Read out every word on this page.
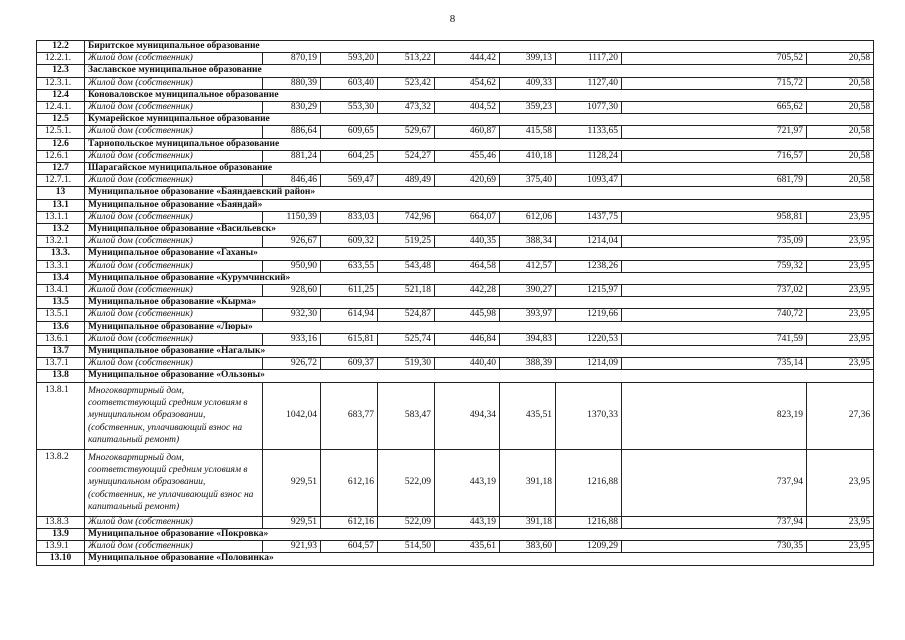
8
12.2	Биритское муниципальное образование								
12.2.1.	Жилой дом (собственник)	870,19	593,20	513,22	444,42	399,13	1117,20	705,52	20,58
12.3	Заславское муниципальное образование								
12.3.1.	Жилой дом (собственник)	880,39	603,40	523,42	454,62	409,33	1127,40	715,72	20,58
12.4	Коноваловское муниципальное образование								
12.4.1.	Жилой дом (собственник)	830,29	553,30	473,32	404,52	359,23	1077,30	665,62	20,58
12.5	Кумарейское муниципальное образование								
12.5.1.	Жилой дом (собственник)	886,64	609,65	529,67	460,87	415,58	1133,65	721,97	20,58
12.6	Тарнопольское муниципальное образование								
12.6.1	Жилой дом (собственник)	881,24	604,25	524,27	455,46	410,18	1128,24	716,57	20,58
12.7	Шарагайское муниципальное образование								
12.7.1.	Жилой дом (собственник)	846,46	569,47	489,49	420,69	375,40	1093,47	681,79	20,58
13	Муниципальное образование «Баяндаевский район»								
13.1	Муниципальное образование «Баяндай»								
13.1.1	Жилой дом (собственник)	1150,39	833,03	742,96	664,07	612,06	1437,75	958,81	23,95
13.2	Муниципальное образование «Васильевск»								
13.2.1	Жилой дом (собственник)	926,67	609,32	519,25	440,35	388,34	1214,04	735,09	23,95
13.3.	Муниципальное образование «Гаханы»								
13.3.1	Жилой дом (собственник)	950,90	633,55	543,48	464,58	412,57	1238,26	759,32	23,95
13.4	Муниципальное образование «Курумчинский»								
13.4.1	Жилой дом (собственник)	928,60	611,25	521,18	442,28	390,27	1215,97	737,02	23,95
13.5	Муниципальное образование «Кырма»								
13.5.1	Жилой дом (собственник)	932,30	614,94	524,87	445,98	393,97	1219,66	740,72	23,95
13.6	Муниципальное образование «Люры»								
13.6.1	Жилой дом (собственник)	933,16	615,81	525,74	446,84	394,83	1220,53	741,59	23,95
13.7	Муниципальное образование «Нагалык»								
13.7.1	Жилой дом (собственник)	926,72	609,37	519,30	440,40	388,39	1214,09	735,14	23,95
13.8	Муниципальное образование «Ользоны»								
13.8.1	Многоквартирный дом, соответствующий средним условиям в муниципальном образовании, (собственник, уплачивающий взнос на капитальный ремонт)	1042,04	683,77	583,47	494,34	435,51	1370,33	823,19	27,36
13.8.2	Многоквартирный дом, соответствующий средним условиям в муниципальном образовании, (собственник, не уплачивающий взнос на капитальный ремонт)	929,51	612,16	522,09	443,19	391,18	1216,88	737,94	23,95
13.8.3	Жилой дом (собственник)	929,51	612,16	522,09	443,19	391,18	1216,88	737,94	23,95
13.9	Муниципальное образование «Покровка»								
13.9.1	Жилой дом (собственник)	921,93	604,57	514,50	435,61	383,60	1209,29	730,35	23,95
13.10	Муниципальное образование «Половинка»								
